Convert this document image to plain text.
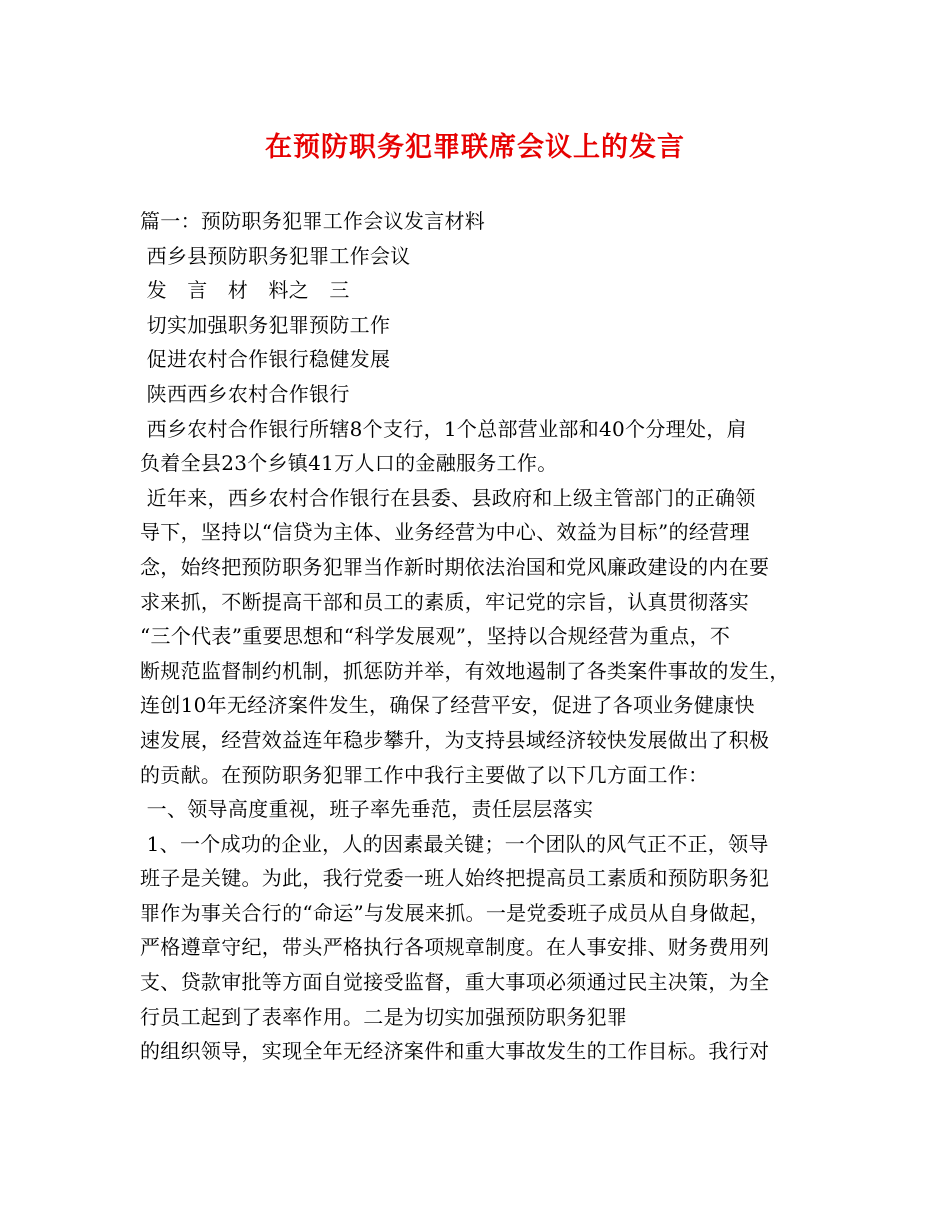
在预防职务犯罪联席会议上的发言
篇一：预防职务犯罪工作会议发言材料
西乡县预防职务犯罪工作会议
发　言　材　料之　三
切实加强职务犯罪预防工作
促进农村合作银行稳健发展
陕西西乡农村合作银行
西乡农村合作银行所辖8个支行，1个总部营业部和40个分理处，肩
负着全县23个乡镇41万人口的金融服务工作。
近年来，西乡农村合作银行在县委、县政府和上级主管部门的正确领
导下，坚持以“信贷为主体、业务经营为中心、效益为目标”的经营理
念，始终把预防职务犯罪当作新时期依法治国和党风廉政建设的内在要
求来抓，不断提高干部和员工的素质，牢记党的宗旨，认真贯彻落实
“三个代表”重要思想和“科学发展观”，坚持以合规经营为重点，不
断规范监督制约机制，抓惩防并举，有效地遏制了各类案件事故的发生，
连创10年无经济案件发生，确保了经营平安，促进了各项业务健康快
速发展，经营效益连年稳步攀升，为支持县域经济较快发展做出了积极
的贡献。在预防职务犯罪工作中我行主要做了以下几方面工作：
一、领导高度重视，班子率先垂范，责任层层落实
1、一个成功的企业，人的因素最关键；一个团队的风气正不正，领导
班子是关键。为此，我行党委一班人始终把提高员工素质和预防职务犯
罪作为事关合行的“命运”与发展来抓。一是党委班子成员从自身做起，
严格遵章守纪，带头严格执行各项规章制度。在人事安排、财务费用列
支、贷款审批等方面自觉接受监督，重大事项必须通过民主决策，为全
行员工起到了表率作用。二是为切实加强预防职务犯罪
的组织领导，实现全年无经济案件和重大事故发生的工作目标。我行对
